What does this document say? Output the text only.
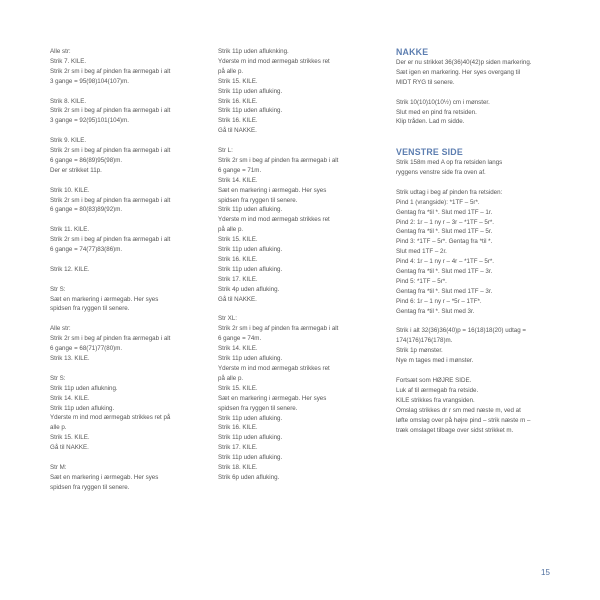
Alle str:
Strik 7. KILE.
Strik 2r sm i beg af pinden fra ærmegab i alt
3 gange = 95(98)104(107)m.
Strik 8. KILE.
Strik 2r sm i beg af pinden fra ærmegab i alt
3 gange = 92(95)101(104)m.
Strik 9. KILE.
Strik 2r sm i beg af pinden fra ærmegab i alt
6 gange = 86(89)95(98)m.
Der er strikket 11p.
Strik 10. KILE.
Strik 2r sm i beg af pinden fra ærmegab i alt
6 gange = 80(83)89(92)m.
Strik 11. KILE.
Strik 2r sm i beg af pinden fra ærmegab i alt
6 gange = 74(77)83(86)m.
Strik 12. KILE.
Str S:
Sæt en markering i ærmegab. Her syes
spidsen fra ryggen til senere.
Alle str:
Strik 2r sm i beg af pinden fra ærmegab i alt
6 gange = 68(71)77(80)m.
Strik 13. KILE.
Str S:
Strik 11p uden aflukning.
Strik 14. KILE.
Strik 11p uden afluking.
Yderste m ind mod ærmegab strikkes ret på
alle p.
Strik 15. KILE.
Gå til NAKKE.
Str M:
Sæt en markering i ærmegab. Her syes
spidsen fra ryggen til senere.
Strik 11p uden afluknking.
Yderste m ind mod ærmegab strikkes ret
på alle p.
Strik 15. KILE.
Strik 11p uden afluking.
Strik 16. KILE.
Strik 11p uden afluking.
Strik 16. KILE.
Gå til NAKKE.
Str L:
Strik 2r sm i beg af pinden fra ærmegab i alt
6 gange = 71m.
Strik 14. KILE.
Sæt en markering i ærmegab. Her syes
spidsen fra ryggen til senere.
Strik 11p uden afluking.
Yderste m ind mod ærmegab strikkes ret
på alle p.
Strik 15. KILE.
Strik 11p uden afluking.
Strik 16. KILE.
Strik 11p uden afluking.
Strik 17. KILE.
Strik 4p uden afluking.
Gå til NAKKE.
Str XL:
Strik 2r sm i beg af pinden fra ærmegab i alt
6 gange = 74m.
Strik 14. KILE.
Strik 11p uden afluking.
Yderste m ind mod ærmegab strikkes ret
på alle p.
Strik 15. KILE.
Sæt en markering i ærmegab. Her syes
spidsen fra ryggen til senere.
Strik 11p uden afluking.
Strik 16. KILE.
Strik 11p uden afluking.
Strik 17. KILE.
Strik 11p uden afluking.
Strik 18. KILE.
Strik 6p uden afluking.
NAKKE
Der er nu strikket 36(36)40(42)p siden markering.
Sæt igen en markering. Her syes overgang til
MIDT RYG til senere.
Strik 10(10)10(10½) cm i mønster.
Slut med en pind fra retsiden.
Klip tråden. Lad m sidde.
VENSTRE SIDE
Strik 158m med A op fra retsiden langs
ryggens venstre side fra oven af.
Strik udtag i beg af pinden fra retsiden:
Pind 1 (vrangside): *1TF – 5r*.
Gentag fra *til *. Slut med 1TF – 1r.
Pind 2: 1r – 1 ny r – 3r – *1TF – 5r*.
Gentag fra *til *. Slut med 1TF – 5r.
Pind 3: *1TF – 5r*. Gentag fra *til *.
Slut med 1TF – 2r.
Pind 4: 1r – 1 ny r – 4r – *1TF – 5r*.
Gentag fra *til *. Slut med 1TF – 3r.
Pind 5: *1TF – 5r*.
Gentag fra *til *. Slut med 1TF – 3r.
Pind 6: 1r – 1 ny r – *5r – 1TF*.
Gentag fra *til *. Slut med 3r.
Strik i alt 32(36)36(40)p = 16(18)18(20) udtag =
174(176)176(178)m.
Strik 1p mønster.
Nye m tages med i mønster.
Fortsæt som HØJRE SIDE.
Luk af til ærmegab fra retside.
KILE strikkes fra vrangsiden.
Omslag strikkes dr r sm med næste m, ved at
løfte omslag over på højre pind – strik næste m –
træk omslaget tilbage over sidst strikket m.
15
